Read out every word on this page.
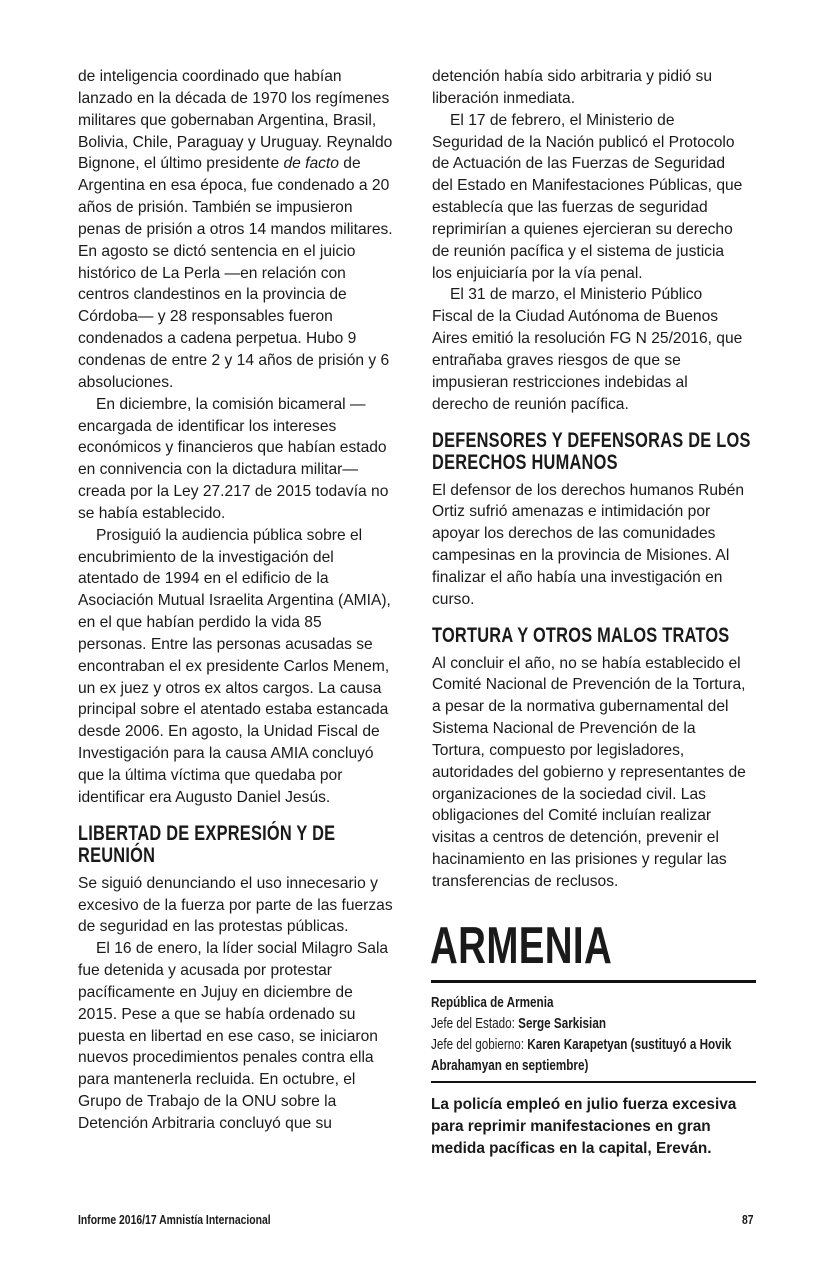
de inteligencia coordinado que habían
lanzado en la década de 1970 los regímenes
militares que gobernaban Argentina, Brasil,
Bolivia, Chile, Paraguay y Uruguay. Reynaldo
Bignone, el último presidente de facto de
Argentina en esa época, fue condenado a 20
años de prisión. También se impusieron
penas de prisión a otros 14 mandos militares.
En agosto se dictó sentencia en el juicio
histórico de La Perla —en relación con
centros clandestinos en la provincia de
Córdoba— y 28 responsables fueron
condenados a cadena perpetua. Hubo 9
condenas de entre 2 y 14 años de prisión y 6
absoluciones.
En diciembre, la comisión bicameral —
encargada de identificar los intereses
económicos y financieros que habían estado
en connivencia con la dictadura militar—
creada por la Ley 27.217 de 2015 todavía no
se había establecido.
Prosiguió la audiencia pública sobre el
encubrimiento de la investigación del
atentado de 1994 en el edificio de la
Asociación Mutual Israelita Argentina (AMIA),
en el que habían perdido la vida 85
personas. Entre las personas acusadas se
encontraban el ex presidente Carlos Menem,
un ex juez y otros ex altos cargos. La causa
principal sobre el atentado estaba estancada
desde 2006. En agosto, la Unidad Fiscal de
Investigación para la causa AMIA concluyó
que la última víctima que quedaba por
identificar era Augusto Daniel Jesús.
LIBERTAD DE EXPRESIÓN Y DE
REUNIÓN
Se siguió denunciando el uso innecesario y
excesivo de la fuerza por parte de las fuerzas
de seguridad en las protestas públicas.
El 16 de enero, la líder social Milagro Sala
fue detenida y acusada por protestar
pacíficamente en Jujuy en diciembre de
2015. Pese a que se había ordenado su
puesta en libertad en ese caso, se iniciaron
nuevos procedimientos penales contra ella
para mantenerla recluida. En octubre, el
Grupo de Trabajo de la ONU sobre la
Detención Arbitraria concluyó que su
detención había sido arbitraria y pidió su
liberación inmediata.
El 17 de febrero, el Ministerio de
Seguridad de la Nación publicó el Protocolo
de Actuación de las Fuerzas de Seguridad
del Estado en Manifestaciones Públicas, que
establecía que las fuerzas de seguridad
reprimirían a quienes ejercieran su derecho
de reunión pacífica y el sistema de justicia
los enjuiciaría por la vía penal.
El 31 de marzo, el Ministerio Público
Fiscal de la Ciudad Autónoma de Buenos
Aires emitió la resolución FG N 25/2016, que
entrañaba graves riesgos de que se
impusieran restricciones indebidas al
derecho de reunión pacífica.
DEFENSORES Y DEFENSORAS DE LOS
DERECHOS HUMANOS
El defensor de los derechos humanos Rubén
Ortiz sufrió amenazas e intimidación por
apoyar los derechos de las comunidades
campesinas en la provincia de Misiones. Al
finalizar el año había una investigación en
curso.
TORTURA Y OTROS MALOS TRATOS
Al concluir el año, no se había establecido el
Comité Nacional de Prevención de la Tortura,
a pesar de la normativa gubernamental del
Sistema Nacional de Prevención de la
Tortura, compuesto por legisladores,
autoridades del gobierno y representantes de
organizaciones de la sociedad civil. Las
obligaciones del Comité incluían realizar
visitas a centros de detención, prevenir el
hacinamiento en las prisiones y regular las
transferencias de reclusos.
ARMENIA
República de Armenia
Jefe del Estado: Serge Sarkisian
Jefe del gobierno: Karen Karapetyan (sustituyó a Hovik
Abrahamyan en septiembre)
La policía empleó en julio fuerza excesiva
para reprimir manifestaciones en gran
medida pacíficas en la capital, Ereván.
Informe 2016/17 Amnistía Internacional	87
